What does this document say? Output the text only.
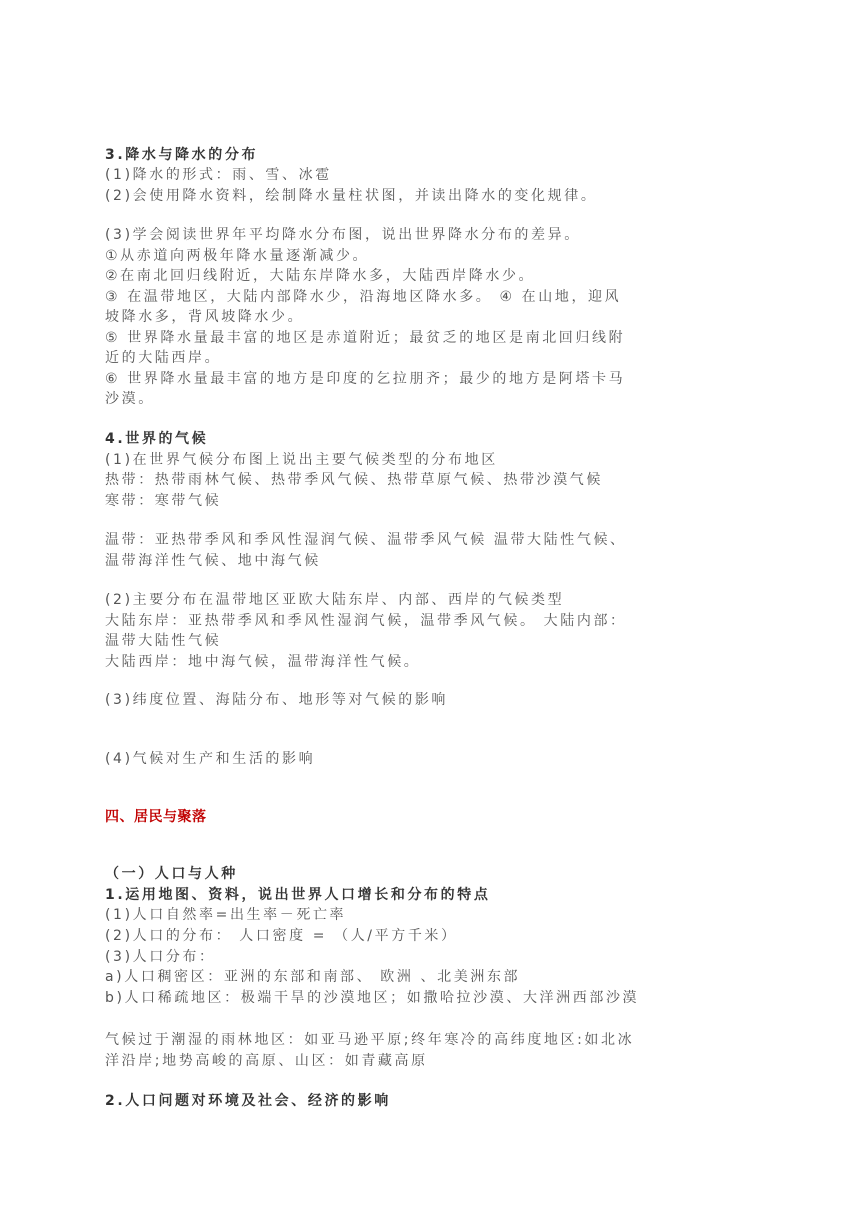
3.降水与降水的分布
(1)降水的形式：雨、雪、冰雹
(2)会使用降水资料，绘制降水量柱状图，并读出降水的变化规律。
(3)学会阅读世界年平均降水分布图，说出世界降水分布的差异。
①从赤道向两极年降水量逐渐减少。
②在南北回归线附近，大陆东岸降水多，大陆西岸降水少。
③ 在温带地区，大陆内部降水少，沿海地区降水多。 ④ 在山地，迎风
坡降水多，背风坡降水少。
⑤ 世界降水量最丰富的地区是赤道附近；最贫乏的地区是南北回归线附
近的大陆西岸。
⑥ 世界降水量最丰富的地方是印度的乞拉朋齐；最少的地方是阿塔卡马
沙漠。
4.世界的气候
(1)在世界气候分布图上说出主要气候类型的分布地区
热带：热带雨林气候、热带季风气候、热带草原气候、热带沙漠气候
寒带：寒带气候
温带：亚热带季风和季风性湿润气候、温带季风气候 温带大陆性气候、
温带海洋性气候、地中海气候
(2)主要分布在温带地区亚欧大陆东岸、内部、西岸的气候类型
大陆东岸：亚热带季风和季风性湿润气候，温带季风气候。 大陆内部：
温带大陆性气候
大陆西岸：地中海气候，温带海洋性气候。
(3)纬度位置、海陆分布、地形等对气候的影响
(4)气候对生产和生活的影响
四、居民与聚落
（一）人口与人种
1.运用地图、资料，说出世界人口增长和分布的特点
(1)人口自然率=出生率－死亡率
(2)人口的分布： 人口密度 = （人/平方千米）
(3)人口分布：
a)人口稠密区：亚洲的东部和南部、 欧洲 、北美洲东部
b)人口稀疏地区：极端干旱的沙漠地区；如撒哈拉沙漠、大洋洲西部沙漠
气候过于潮湿的雨林地区：如亚马逊平原;终年寒冷的高纬度地区:如北冰
洋沿岸;地势高峻的高原、山区：如青藏高原
2.人口问题对环境及社会、经济的影响
